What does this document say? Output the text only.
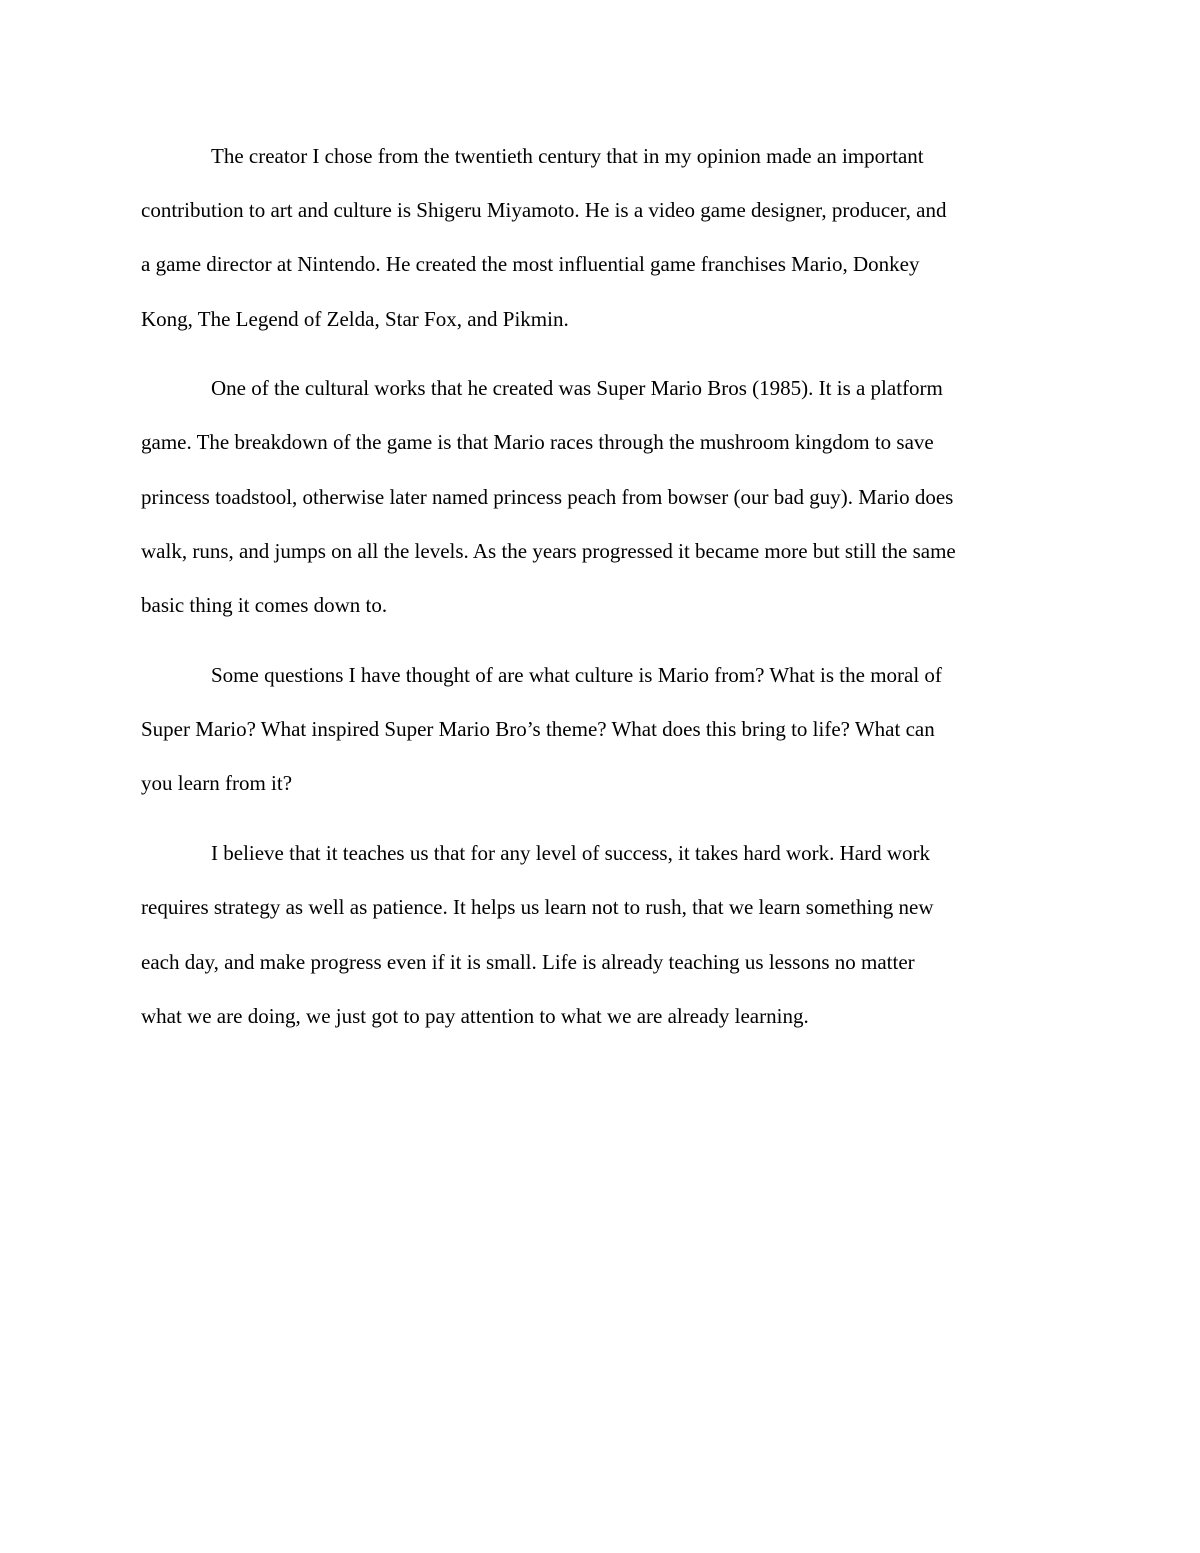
The creator I chose from the twentieth century that in my opinion made an important

contribution to art and culture is Shigeru Miyamoto. He is a video game designer, producer, and

a game director at Nintendo. He created the most influential game franchises Mario, Donkey

Kong, The Legend of Zelda, Star Fox, and Pikmin.

One of the cultural works that he created was Super Mario Bros (1985). It is a platform

game. The breakdown of the game is that Mario races through the mushroom kingdom to save

princess toadstool, otherwise later named princess peach from bowser (our bad guy). Mario does

walk, runs, and jumps on all the levels. As the years progressed it became more but still the same

basic thing it comes down to.

Some questions I have thought of are what culture is Mario from? What is the moral of

Super Mario? What inspired Super Mario Bro’s theme? What does this bring to life? What can

you learn from it?

I believe that it teaches us that for any level of success, it takes hard work. Hard work

requires strategy as well as patience. It helps us learn not to rush, that we learn something new

each day, and make progress even if it is small. Life is already teaching us lessons no matter

what we are doing, we just got to pay attention to what we are already learning.
